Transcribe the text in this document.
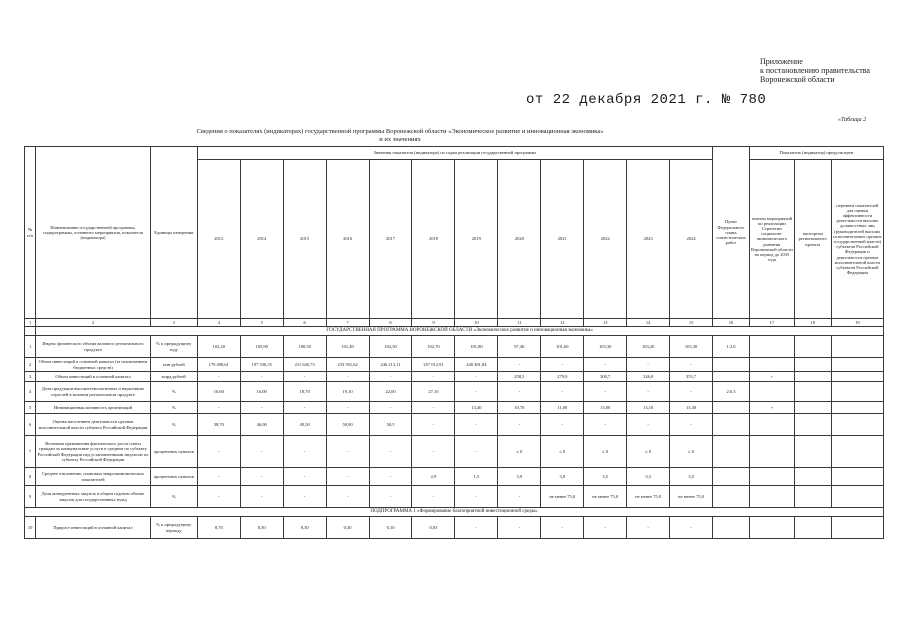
Приложение
к постановлению правительства
Воронежской области
от 22 декабря 2021 г. № 780
«Таблица 2
Сведения о показателях (индикаторах) государственной программы Воронежской области «Экономическое развитие и инновационная экономика»
и их значениях
№ п/п	Наименование государственной программы, подпрограммы, основного мероприятия, показателя (индикатора)	Единицы измерения	Значения показателя (индикатора) по годам реализации государственной программы												Пункт Федерального плана статистических работ	Показатель (индикатор) предусмотрен		
			2013	2014	2015	2016	2017	2018	2019	2020	2021	2022	2023	2024		планом мероприятий по реализации Стратегии социально-экономического развития Воронежской области на период до 2035 года	паспортом регионального проекта	перечнем показателей для оценки эффективности деятельности высших должностных лиц (руководителей высших исполнительных органов государственной власти) субъектов Российской Федерации и деятельности органов исполнительной власти субъектов Российской Федерации
1	2	3	4	5	6	7	8	9	10	11	12	13	14	15	16	17	18	19
	ГОСУДАРСТВЕННАЯ ПРОГРАММА ВОРОНЕЖСКОЙ ОБЛАСТИ «Экономическое развитие и инновационная экономика»																	
1	Индекс физического объема валового регионального продукта	% к предыдущему году	102,20	105,90	100,50	101,40	102,50	102,70	101,80	97,40	101,60	103,30	103,20	103,30	1.2.6			
2	Объем инвестиций в основной капитал (за исключением бюджетных средств)	млн рублей	179 498,61	197 536,55	211 640,73	233 501,62	246 213,11	257 012,91	248 481,84	-	-	-	-	-				
3	Объем инвестиций в основной капитал	млрд рублей	-	-	-	-	-	-	-	258,5	279,9	300,7	326,0	353,7		+		
4	Доля продукции высокотехнологичных и наукоемких отраслей в валовом региональном продукте	%	16,60	16,00	18,70	19,10	22,00	27,10	-	-	-	-	-	-	2.6.3			
5	Инновационная активность организаций	%	-	-	-	-	-	-	13,40	10,70	11,00	13,00	13,10	13,30		+		
6	Оценка населением деятельности органов исполнительной власти субъекта Российской Федерации	%	38,70	46,00	49,50	50,90	50,5	-	-	-	-	-	-	-				
7	Величина превышения фактического роста платы граждан за коммунальные услуги в среднем по субъекту Российской Федерации над установленными индексом по субъекту Российской Федерации	процентных пунктов	-	-	-	-	-	-	-	≤ 0	≤ 0	≤ 0	≤ 0	≤ 0				
8	Среднее отклонение, плановых макроэкономических показателей	процентных пунктов	-	-	-	-	-	2,9	1,5	3,9	3,8	3,5	3,3	3,0				
9	Доля конкурентных закупок в общем годовом объеме закупок для государственных нужд	%	-	-	-	-	-	-	-	-	не менее 75,0	не менее 75,0	не менее 75,0	не менее 75,0				
ПОДПРОГРАММА 1 «Формирование благоприятной инвестиционной среды»																		
10	Прирост инвестиций в основной капитал	% к предыдущему периоду	8,70	8,50	8,30	0,30	0,10	0,03	-	-	-	-	-	-				
